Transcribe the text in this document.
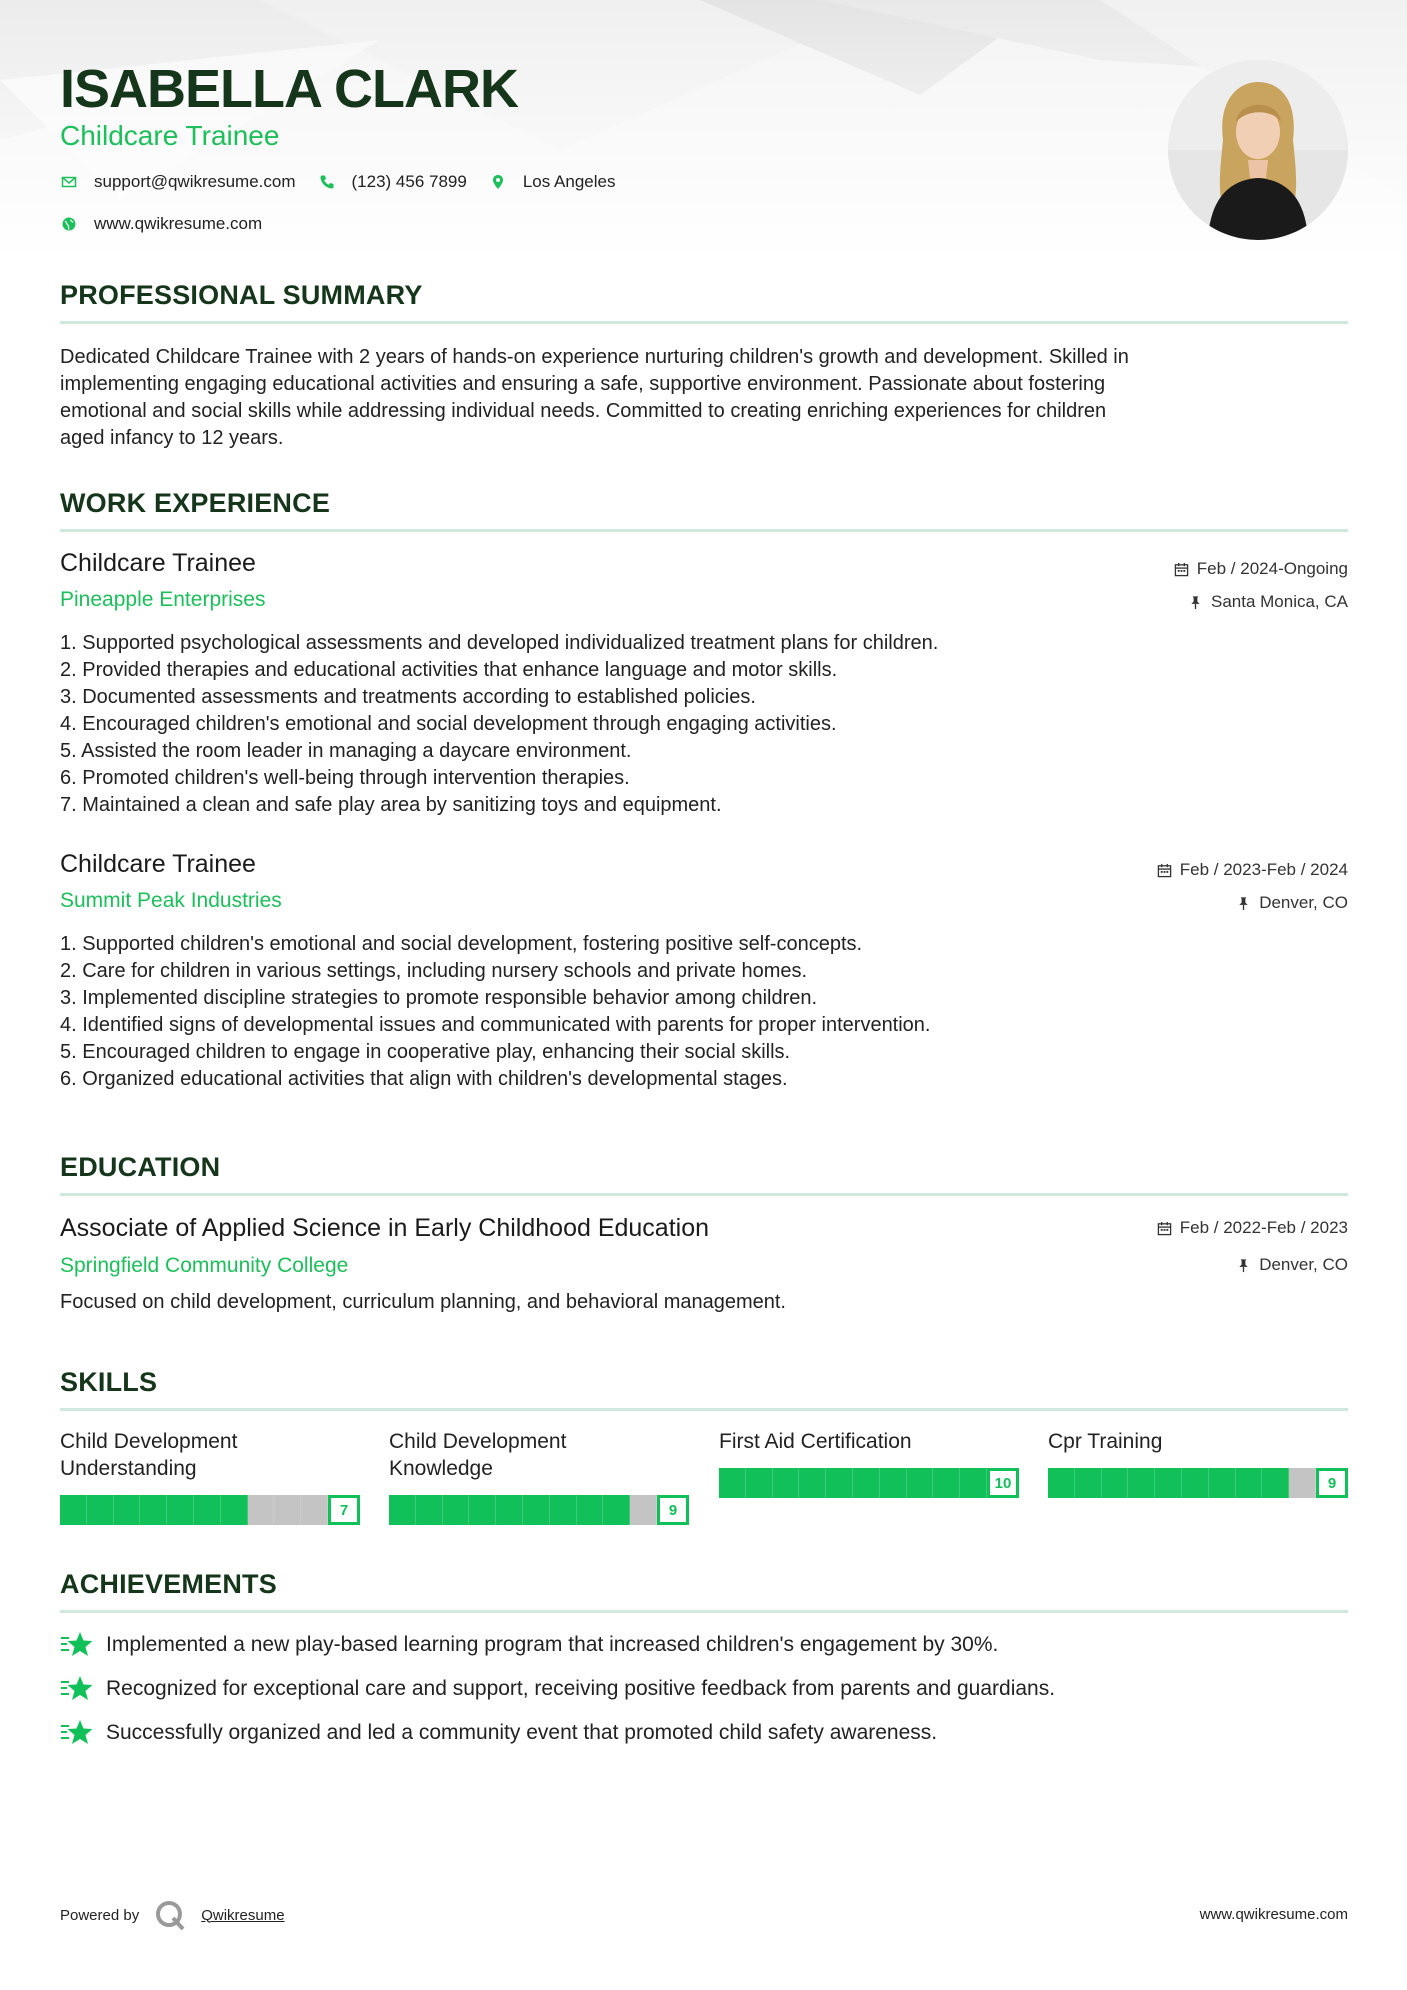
ISABELLA CLARK
Childcare Trainee
support@qwikresume.com	(123) 456 7899	Los Angeles
www.qwikresume.com
PROFESSIONAL SUMMARY
Dedicated Childcare Trainee with 2 years of hands-on experience nurturing children's growth and development. Skilled in
implementing engaging educational activities and ensuring a safe, supportive environment. Passionate about fostering
emotional and social skills while addressing individual needs. Committed to creating enriching experiences for children
aged infancy to 12 years.
WORK EXPERIENCE
Childcare Trainee
Pineapple Enterprises
Feb / 2024-Ongoing
Santa Monica, CA
1. Supported psychological assessments and developed individualized treatment plans for children.
2. Provided therapies and educational activities that enhance language and motor skills.
3. Documented assessments and treatments according to established policies.
4. Encouraged children's emotional and social development through engaging activities.
5. Assisted the room leader in managing a daycare environment.
6. Promoted children's well-being through intervention therapies.
7. Maintained a clean and safe play area by sanitizing toys and equipment.
Childcare Trainee
Summit Peak Industries
Feb / 2023-Feb / 2024
Denver, CO
1. Supported children's emotional and social development, fostering positive self-concepts.
2. Care for children in various settings, including nursery schools and private homes.
3. Implemented discipline strategies to promote responsible behavior among children.
4. Identified signs of developmental issues and communicated with parents for proper intervention.
5. Encouraged children to engage in cooperative play, enhancing their social skills.
6. Organized educational activities that align with children's developmental stages.
EDUCATION
Associate of Applied Science in Early Childhood Education
Springfield Community College
Feb / 2022-Feb / 2023
Denver, CO
Focused on child development, curriculum planning, and behavioral management.
SKILLS
Child Development
Understanding
7
Child Development
Knowledge
9
First Aid Certification
10
Cpr Training
9
ACHIEVEMENTS
Implemented a new play-based learning program that increased children's engagement by 30%.
Recognized for exceptional care and support, receiving positive feedback from parents and guardians.
Successfully organized and led a community event that promoted child safety awareness.
Powered by	Qwikresume	www.qwikresume.com
